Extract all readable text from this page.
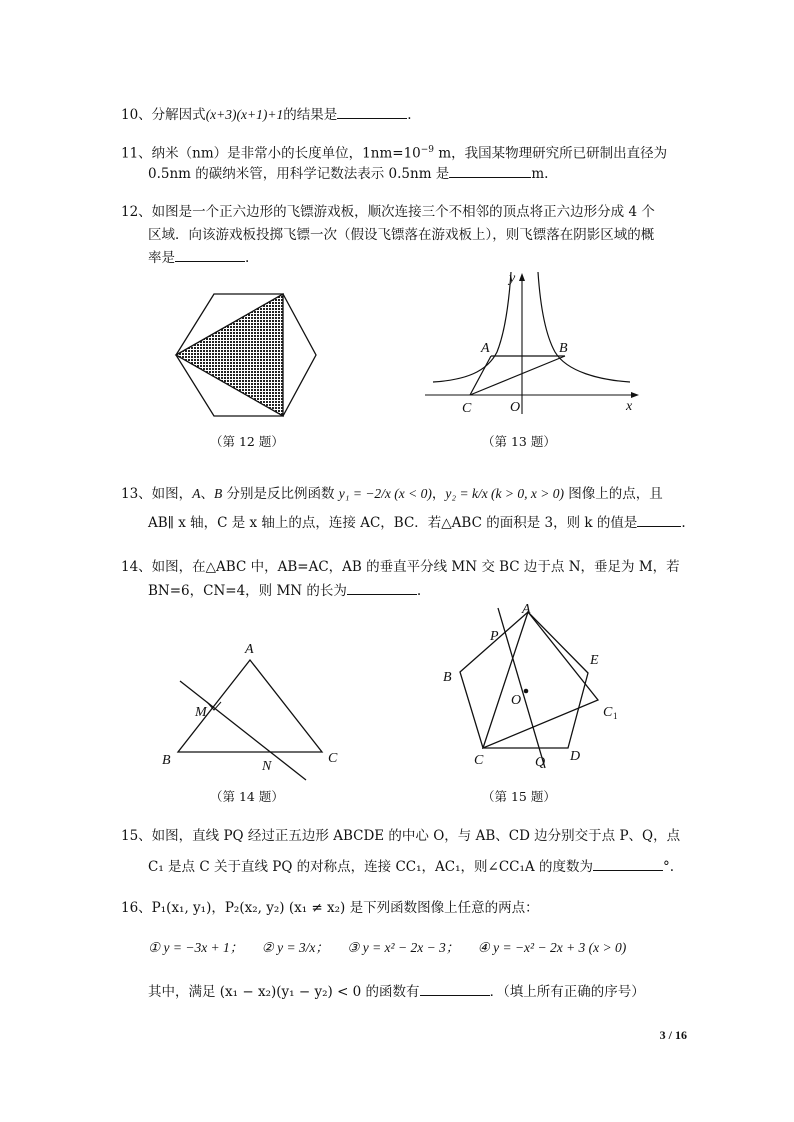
10、分解因式(x+3)(x+1)+1的结果是	.
11、纳米（nm）是非常小的长度单位，$1nm=10^{-9}$ m，我国某物理研究所已研制出直径为
0.5nm 的碳纳米管，用科学记数法表示 0.5nm 是	m.
12、如图是一个正六边形的飞镖游戏板，顺次连接三个不相邻的顶点将正六边形分成 4 个
区域．向该游戏板投掷飞镖一次（假设飞镖落在游戏板上），则飞镖落在阴影区域的概
率是	.
（第 12 题）
y
x
A	B
C	O
（第 13 题）
13、如图，A、B 分别是反比例函数 y₁ = −2/x (x < 0)，y₂ = k/x (k > 0, x > 0) 图像上的点，且
AB∥ x 轴，C 是 x 轴上的点，连接 AC，BC．若△ABC 的面积是 3，则 k 的值是	.
14、如图，在△ABC 中，AB=AC，AB 的垂直平分线 MN 交 BC 边于点 N，垂足为 M，若
BN=6，CN=4，则 MN 的长为	.
A
B	C
M
N
（第 14 题）
A
B
C	D
E
P
Q
O
C 1
（第 15 题）
15、如图，直线 PQ 经过正五边形 ABCDE 的中心 O，与 AB、CD 边分别交于点 P、Q，点
C₁ 是点 C 关于直线 PQ 的对称点，连接 CC₁，AC₁，则∠CC₁A 的度数为	°.
16、P₁(x₁, y₁)，P₂(x₂, y₂) (x₁ ≠ x₂) 是下列函数图像上任意的两点：
① y = −3x + 1； ② y = 3/x； ③ y = x² − 2x − 3； ④ y = −x² − 2x + 3 (x > 0)
其中，满足 (x₁ − x₂)(y₁ − y₂) < 0 的函数有	．（填上所有正确的序号）
3 / 16
